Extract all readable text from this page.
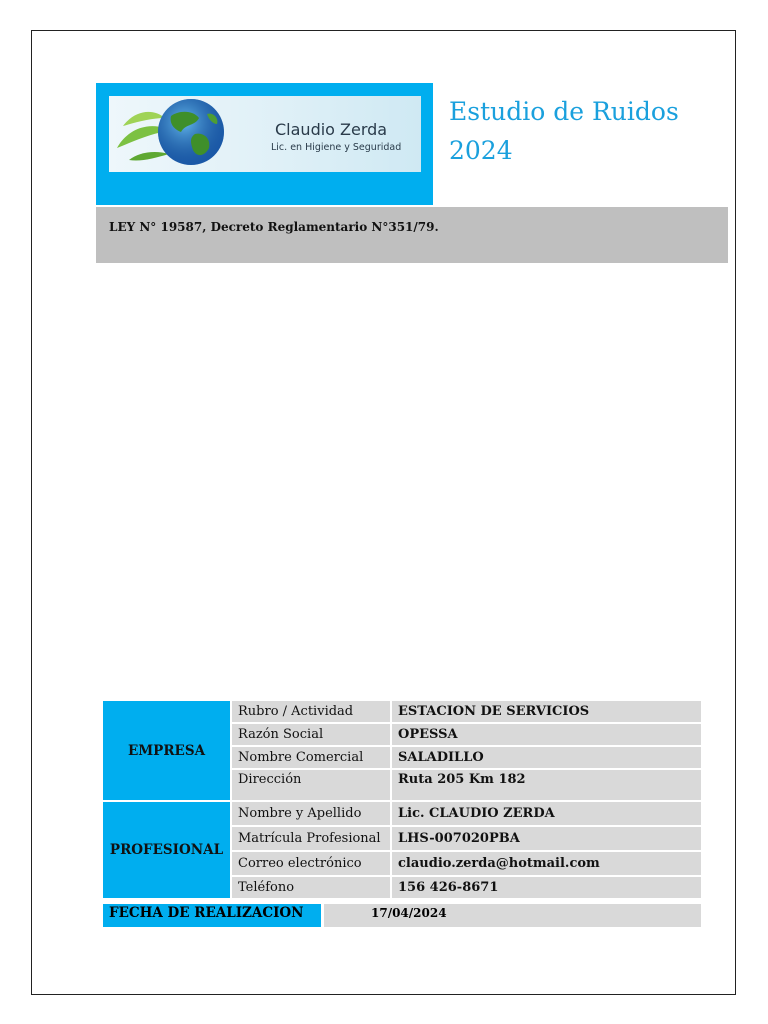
Claudio Zerda
Lic. en Higiene y Seguridad
Estudio de Ruidos
2024
LEY N° 19587, Decreto Reglamentario N°351/79.
EMPRESA	Rubro / Actividad	ESTACION DE SERVICIOS
	Razón Social	OPESSA
	Nombre Comercial	SALADILLO
	Dirección	Ruta 205 Km 182
PROFESIONAL	Nombre y Apellido	Lic. CLAUDIO ZERDA
	Matrícula Profesional	LHS-007020PBA
	Correo electrónico	claudio.zerda@hotmail.com
	Teléfono	156 426-8671
FECHA DE REALIZACION	17/04/2024
